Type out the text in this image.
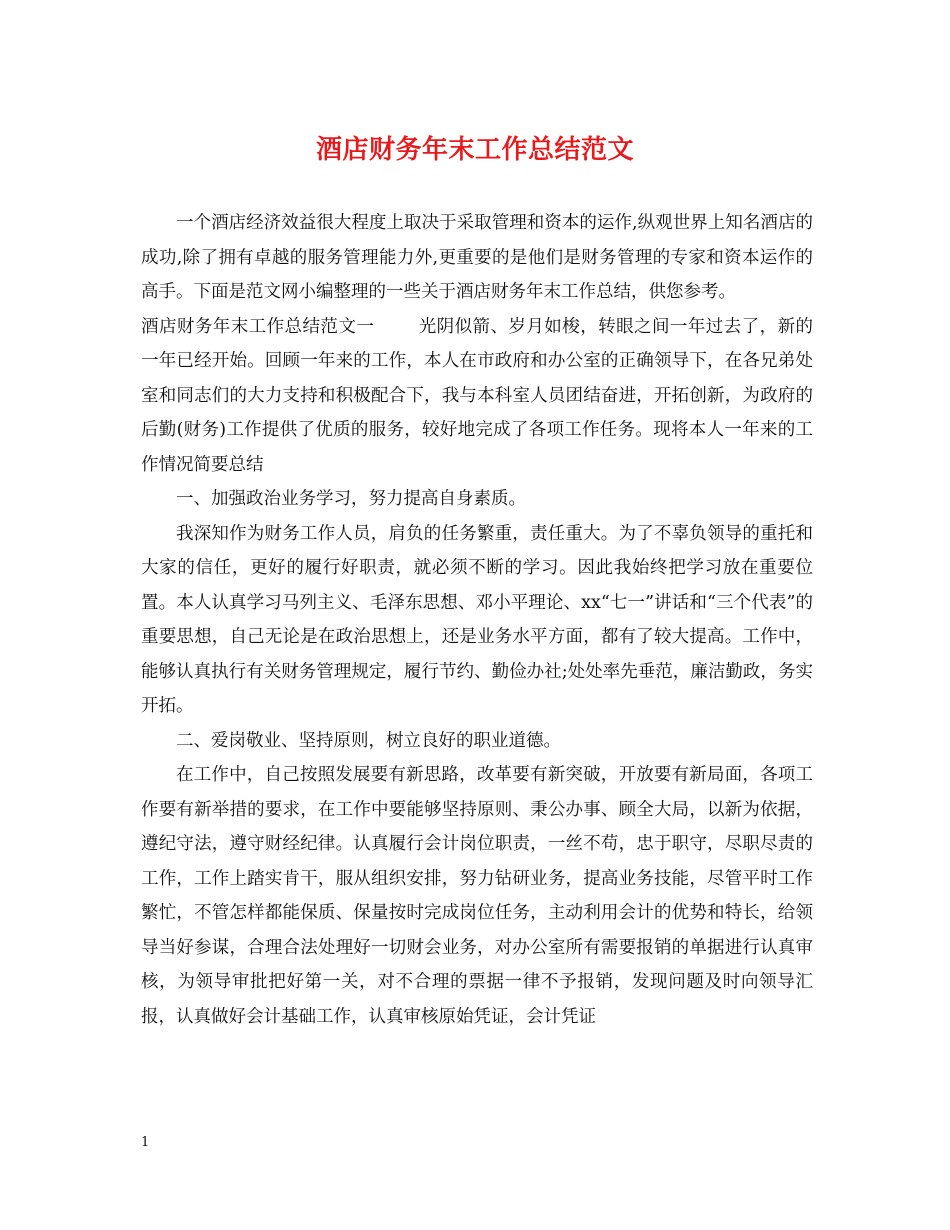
酒店财务年末工作总结范文

一个酒店经济效益很大程度上取决于采取管理和资本的运作,纵观世界上知名酒店的成功,除了拥有卓越的服务管理能力外,更重要的是他们是财务管理的专家和资本运作的高手。下面是范文网小编整理的一些关于酒店财务年末工作总结，供您参考。

酒店财务年末工作总结范文一	光阴似箭、岁月如梭，转眼之间一年过去了，新的一年已经开始。回顾一年来的工作，本人在市政府和办公室的正确领导下，在各兄弟处室和同志们的大力支持和积极配合下，我与本科室人员团结奋进，开拓创新，为政府的后勤(财务)工作提供了优质的服务，较好地完成了各项工作任务。现将本人一年来的工作情况简要总结

一、加强政治业务学习，努力提高自身素质。

我深知作为财务工作人员，肩负的任务繁重，责任重大。为了不辜负领导的重托和大家的信任，更好的履行好职责，就必须不断的学习。因此我始终把学习放在重要位置。本人认真学习马列主义、毛泽东思想、邓小平理论、xx“七一”讲话和“三个代表”的重要思想，自己无论是在政治思想上，还是业务水平方面，都有了较大提高。工作中，能够认真执行有关财务管理规定，履行节约、勤俭办社;处处率先垂范，廉洁勤政，务实开拓。

二、爱岗敬业、坚持原则，树立良好的职业道德。

在工作中，自己按照发展要有新思路，改革要有新突破，开放要有新局面，各项工作要有新举措的要求，在工作中要能够坚持原则、秉公办事、顾全大局，以新为依据，遵纪守法，遵守财经纪律。认真履行会计岗位职责，一丝不苟，忠于职守，尽职尽责的工作，工作上踏实肯干，服从组织安排，努力钻研业务，提高业务技能，尽管平时工作繁忙，不管怎样都能保质、保量按时完成岗位任务，主动利用会计的优势和特长，给领导当好参谋，合理合法处理好一切财会业务，对办公室所有需要报销的单据进行认真审核，为领导审批把好第一关，对不合理的票据一律不予报销，发现问题及时向领导汇报，认真做好会计基础工作，认真审核原始凭证，会计凭证

1
